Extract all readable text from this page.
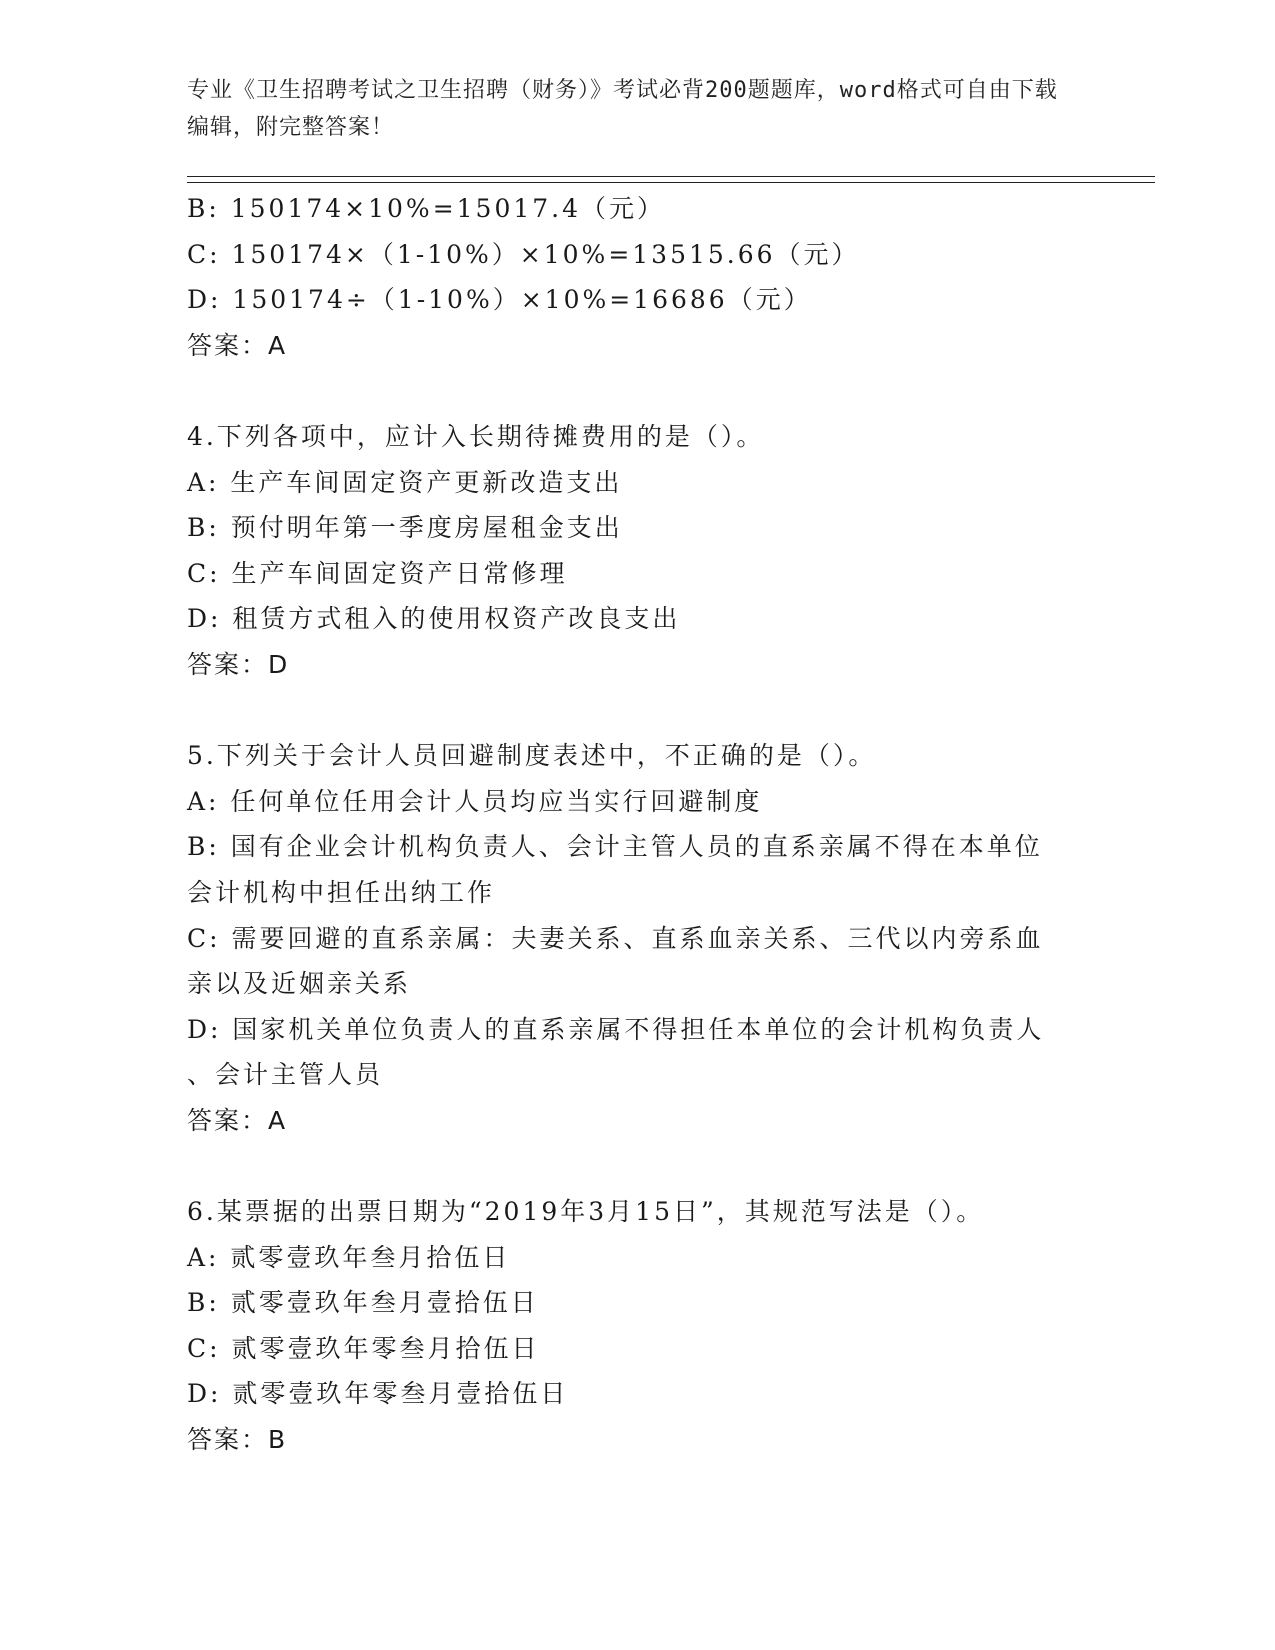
专业《卫生招聘考试之卫生招聘（财务）》考试必背200题题库，word格式可自由下载编辑，附完整答案！
B: 150174×10%=15017.4（元）
C: 150174×（1-10%）×10%=13515.66（元）
D: 150174÷（1-10%）×10%=16686（元）
答案：A
4.下列各项中，应计入长期待摊费用的是（）。
A: 生产车间固定资产更新改造支出
B: 预付明年第一季度房屋租金支出
C: 生产车间固定资产日常修理
D: 租赁方式租入的使用权资产改良支出
答案：D
5.下列关于会计人员回避制度表述中，不正确的是（）。
A: 任何单位任用会计人员均应当实行回避制度
B: 国有企业会计机构负责人、会计主管人员的直系亲属不得在本单位
会计机构中担任出纳工作
C: 需要回避的直系亲属：夫妻关系、直系血亲关系、三代以内旁系血
亲以及近姻亲关系
D: 国家机关单位负责人的直系亲属不得担任本单位的会计机构负责人
、会计主管人员
答案：A
6.某票据的出票日期为“2019年3月15日”，其规范写法是（）。
A: 贰零壹玖年叁月拾伍日
B: 贰零壹玖年叁月壹拾伍日
C: 贰零壹玖年零叁月拾伍日
D: 贰零壹玖年零叁月壹拾伍日
答案：B
